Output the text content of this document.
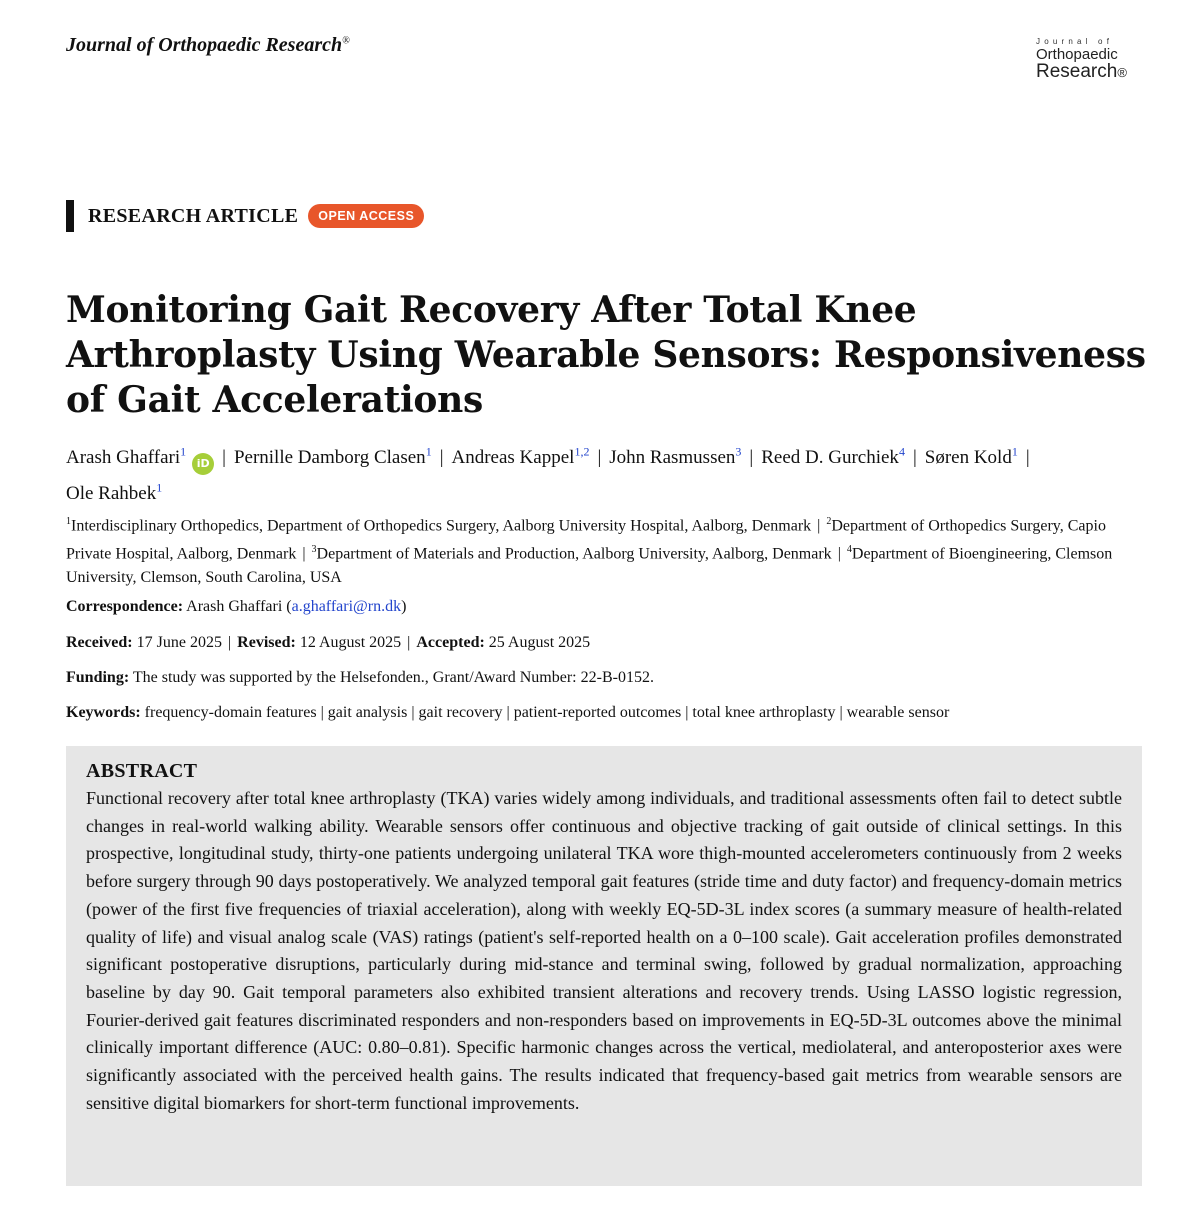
Journal of Orthopaedic Research®	Journal of
Orthopaedic
Research®
RESEARCH ARTICLE	OPEN ACCESS
Monitoring Gait Recovery After Total Knee Arthroplasty Using Wearable Sensors: Responsiveness of Gait Accelerations
Arash Ghaffari$^1$iD | Pernille Damborg Clasen$^1$ | Andreas Kappel$^{1,2}$ | John Rasmussen$^3$ | Reed D. Gurchiek$^4$ | Søren Kold$^1$ |
Ole Rahbek$^1$
$^1$Interdisciplinary Orthopedics, Department of Orthopedics Surgery, Aalborg University Hospital, Aalborg, Denmark | $^2$Department of Orthopedics Surgery, Capio Private Hospital, Aalborg, Denmark | $^3$Department of Materials and Production, Aalborg University, Aalborg, Denmark | $^4$Department of Bioengineering, Clemson University, Clemson, South Carolina, USA
Correspondence: Arash Ghaffari (a.ghaffari@rn.dk)
Received: 17 June 2025 | Revised: 12 August 2025 | Accepted: 25 August 2025
Funding: The study was supported by the Helsefonden., Grant/Award Number: 22-B-0152.
Keywords: frequency-domain features | gait analysis | gait recovery | patient-reported outcomes | total knee arthroplasty | wearable sensor
ABSTRACT

Functional recovery after total knee arthroplasty (TKA) varies widely among individuals, and traditional assessments often fail to detect subtle changes in real-world walking ability. Wearable sensors offer continuous and objective tracking of gait outside of clinical settings. In this prospective, longitudinal study, thirty-one patients undergoing unilateral TKA wore thigh-mounted accelerometers continuously from 2 weeks before surgery through 90 days postoperatively. We analyzed temporal gait features (stride time and duty factor) and frequency-domain metrics (power of the first five frequencies of triaxial acceleration), along with weekly EQ-5D-3L index scores (a summary measure of health-related quality of life) and visual analog scale (VAS) ratings (patient's self-reported health on a 0–100 scale). Gait acceleration profiles demonstrated significant postoperative disruptions, particularly during mid-stance and terminal swing, followed by gradual normalization, approaching baseline by day 90. Gait temporal parameters also exhibited transient alterations and recovery trends. Using LASSO logistic regression, Fourier-derived gait features discriminated responders and non-responders based on improvements in EQ-5D-3L outcomes above the minimal clinically important difference (AUC: 0.80–0.81). Specific harmonic changes across the vertical, mediolateral, and anteroposterior axes were significantly associated with the perceived health gains. The results indicated that frequency-based gait metrics from wearable sensors are sensitive digital biomarkers for short-term functional improvements.
